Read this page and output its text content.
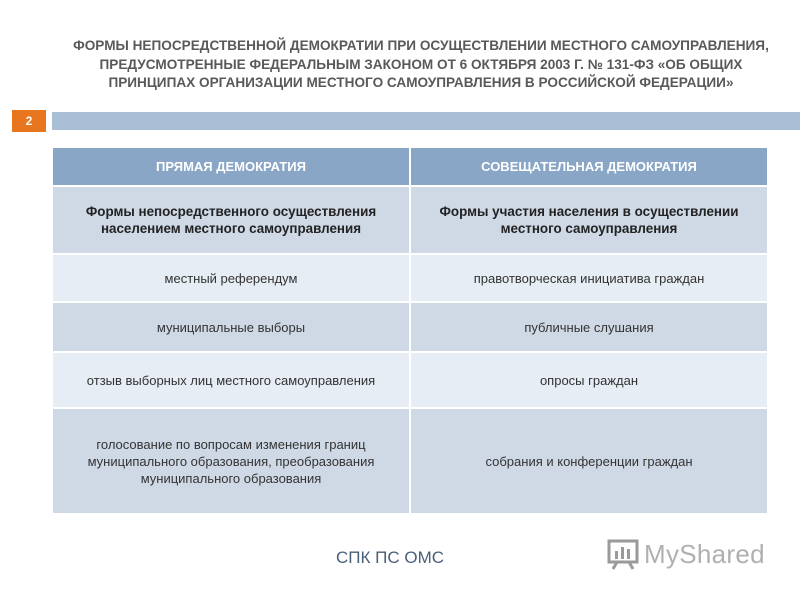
ФОРМЫ НЕПОСРЕДСТВЕННОЙ ДЕМОКРАТИИ ПРИ ОСУЩЕСТВЛЕНИИ МЕСТНОГО САМОУПРАВЛЕНИЯ, ПРЕДУСМОТРЕННЫЕ ФЕДЕРАЛЬНЫМ ЗАКОНОМ ОТ 6 ОКТЯБРЯ 2003 Г. № 131-ФЗ «ОБ ОБЩИХ ПРИНЦИПАХ ОРГАНИЗАЦИИ МЕСТНОГО САМОУПРАВЛЕНИЯ В РОССИЙСКОЙ ФЕДЕРАЦИИ»
2
ПРЯМАЯ ДЕМОКРАТИЯ	СОВЕЩАТЕЛЬНАЯ ДЕМОКРАТИЯ
Формы непосредственного осуществления населением местного самоуправления	Формы участия населения в осуществлении местного самоуправления
местный референдум	правотворческая инициатива граждан
муниципальные выборы	публичные слушания
отзыв выборных лиц местного самоуправления	опросы граждан
голосование по вопросам изменения границ муниципального образования, преобразования муниципального образования	собрания и конференции граждан
СПК ПС ОМС	MyShared
